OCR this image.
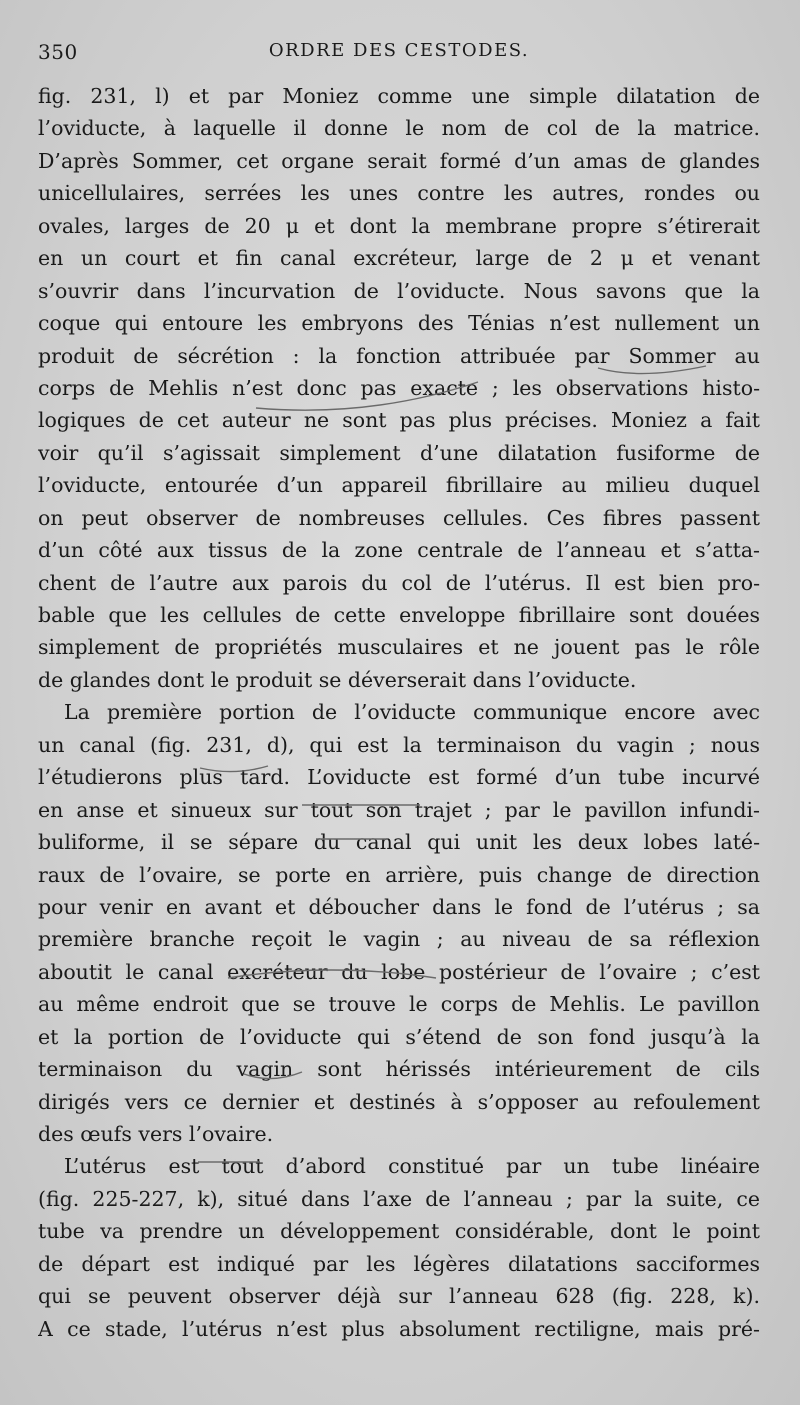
350	ORDRE DES CESTODES.
fig. 231, l) et par Moniez comme une simple dilatation de
l’oviducte, à laquelle il donne le nom de col de la matrice.
D’après Sommer, cet organe serait formé d’un amas de glandes
unicellulaires, serrées les unes contre les autres, rondes ou
ovales, larges de 20 μ et dont la membrane propre s’étirerait
en un court et fin canal excréteur, large de 2 μ et venant
s’ouvrir dans l’incurvation de l’oviducte. Nous savons que la
coque qui entoure les embryons des Ténias n’est nullement un
produit de sécrétion : la fonction attribuée par Sommer au
corps de Mehlis n’est donc pas exacte ; les observations histo-
logiques de cet auteur ne sont pas plus précises. Moniez a fait
voir qu’il s’agissait simplement d’une dilatation fusiforme de
l’oviducte, entourée d’un appareil fibrillaire au milieu duquel
on peut observer de nombreuses cellules. Ces fibres passent
d’un côté aux tissus de la zone centrale de l’anneau et s’atta-
chent de l’autre aux parois du col de l’utérus. Il est bien pro-
bable que les cellules de cette enveloppe fibrillaire sont douées
simplement de propriétés musculaires et ne jouent pas le rôle
de glandes dont le produit se déverserait dans l’oviducte.
La première portion de l’oviducte communique encore avec
un canal (fig. 231, d), qui est la terminaison du vagin ; nous
l’étudierons plus tard. L’oviducte est formé d’un tube incurvé
en anse et sinueux sur tout son trajet ; par le pavillon infundi-
buliforme, il se sépare du canal qui unit les deux lobes laté-
raux de l’ovaire, se porte en arrière, puis change de direction
pour venir en avant et déboucher dans le fond de l’utérus ; sa
première branche reçoit le vagin ; au niveau de sa réflexion
aboutit le canal excréteur du lobe postérieur de l’ovaire ; c’est
au même endroit que se trouve le corps de Mehlis. Le pavillon
et la portion de l’oviducte qui s’étend de son fond jusqu’à la
terminaison du vagin sont hérissés intérieurement de cils
dirigés vers ce dernier et destinés à s’opposer au refoulement
des œufs vers l’ovaire.
L’utérus est tout d’abord constitué par un tube linéaire
(fig. 225-227, k), situé dans l’axe de l’anneau ; par la suite, ce
tube va prendre un développement considérable, dont le point
de départ est indiqué par les légères dilatations sacciformes
qui se peuvent observer déjà sur l’anneau 628 (fig. 228, k).
A ce stade, l’utérus n’est plus absolument rectiligne, mais pré-
